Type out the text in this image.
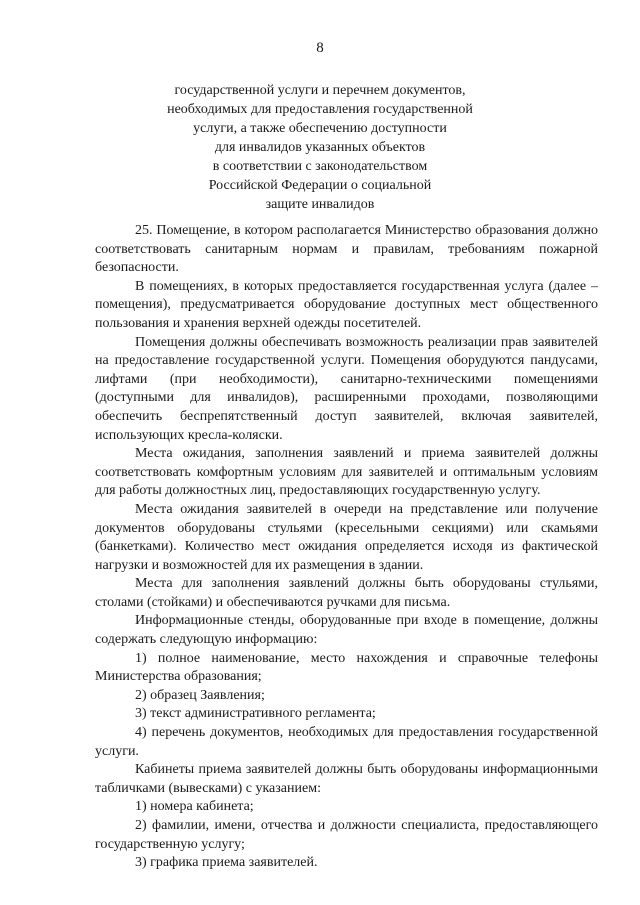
8
государственной услуги и перечнем документов,
необходимых для предоставления государственной
услуги, а также обеспечению доступности
для инвалидов указанных объектов
в соответствии с законодательством
Российской Федерации о социальной
защите инвалидов

25. Помещение, в котором располагается Министерство образования должно соответствовать санитарным нормам и правилам, требованиям пожарной безопасности.

В помещениях, в которых предоставляется государственная услуга (далее – помещения), предусматривается оборудование доступных мест общественного пользования и хранения верхней одежды посетителей.

Помещения должны обеспечивать возможность реализации прав заявителей на предоставление государственной услуги. Помещения оборудуются пандусами, лифтами (при необходимости), санитарно-техническими помещениями (доступными для инвалидов), расширенными проходами, позволяющими обеспечить беспрепятственный доступ заявителей, включая заявителей, использующих кресла-коляски.

Места ожидания, заполнения заявлений и приема заявителей должны соответствовать комфортным условиям для заявителей и оптимальным условиям для работы должностных лиц, предоставляющих государственную услугу.

Места ожидания заявителей в очереди на представление или получение документов оборудованы стульями (кресельными секциями) или скамьями (банкетками). Количество мест ожидания определяется исходя из фактической нагрузки и возможностей для их размещения в здании.

Места для заполнения заявлений должны быть оборудованы стульями, столами (стойками) и обеспечиваются ручками для письма.

Информационные стенды, оборудованные при входе в помещение, должны содержать следующую информацию:

1) полное наименование, место нахождения и справочные телефоны Министерства образования;

2) образец Заявления;

3) текст административного регламента;

4) перечень документов, необходимых для предоставления государственной услуги.

Кабинеты приема заявителей должны быть оборудованы информационными табличками (вывесками) с указанием:

1) номера кабинета;

2) фамилии, имени, отчества и должности специалиста, предоставляющего государственную услугу;

3) графика приема заявителей.
